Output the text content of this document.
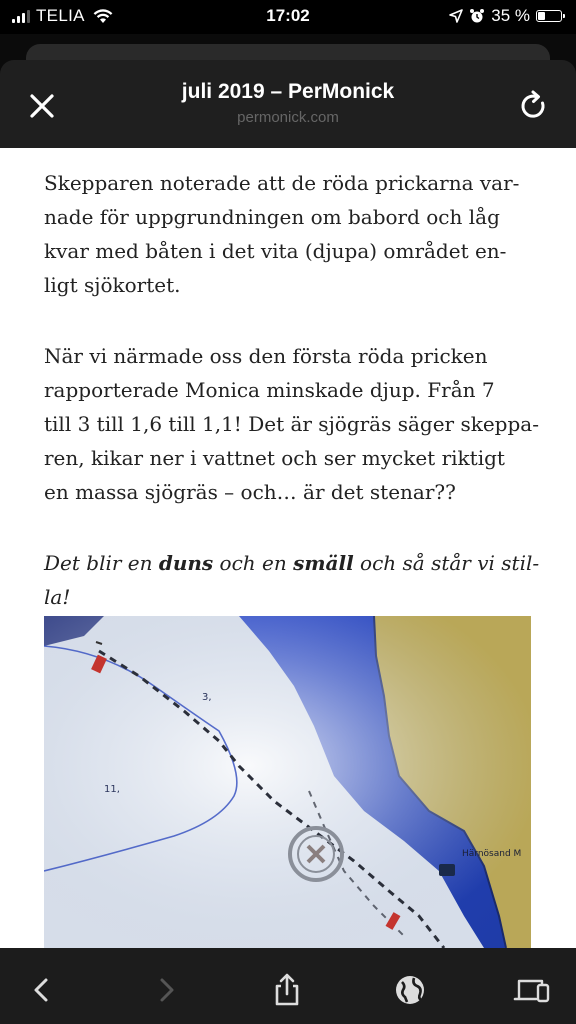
TELIA	17:02	35 %
juli 2019 – PerMonick
permonick.com

Skepparen noterade att de röda prickarna var-
nade för uppgrundningen om babord och låg
kvar med båten i det vita (djupa) området en-
ligt sjökortet.

När vi närmade oss den första röda pricken
rapporterade Monica minskade djup. Från 7
till 3 till 1,6 till 1,1! Det är sjögräs säger skeppa-
ren, kikar ner i vattnet och ser mycket riktigt
en massa sjögräs – och… är det stenar??

Det blir en duns och en smäll och så står vi stil-
la!

3,
11,
Härnösand M
